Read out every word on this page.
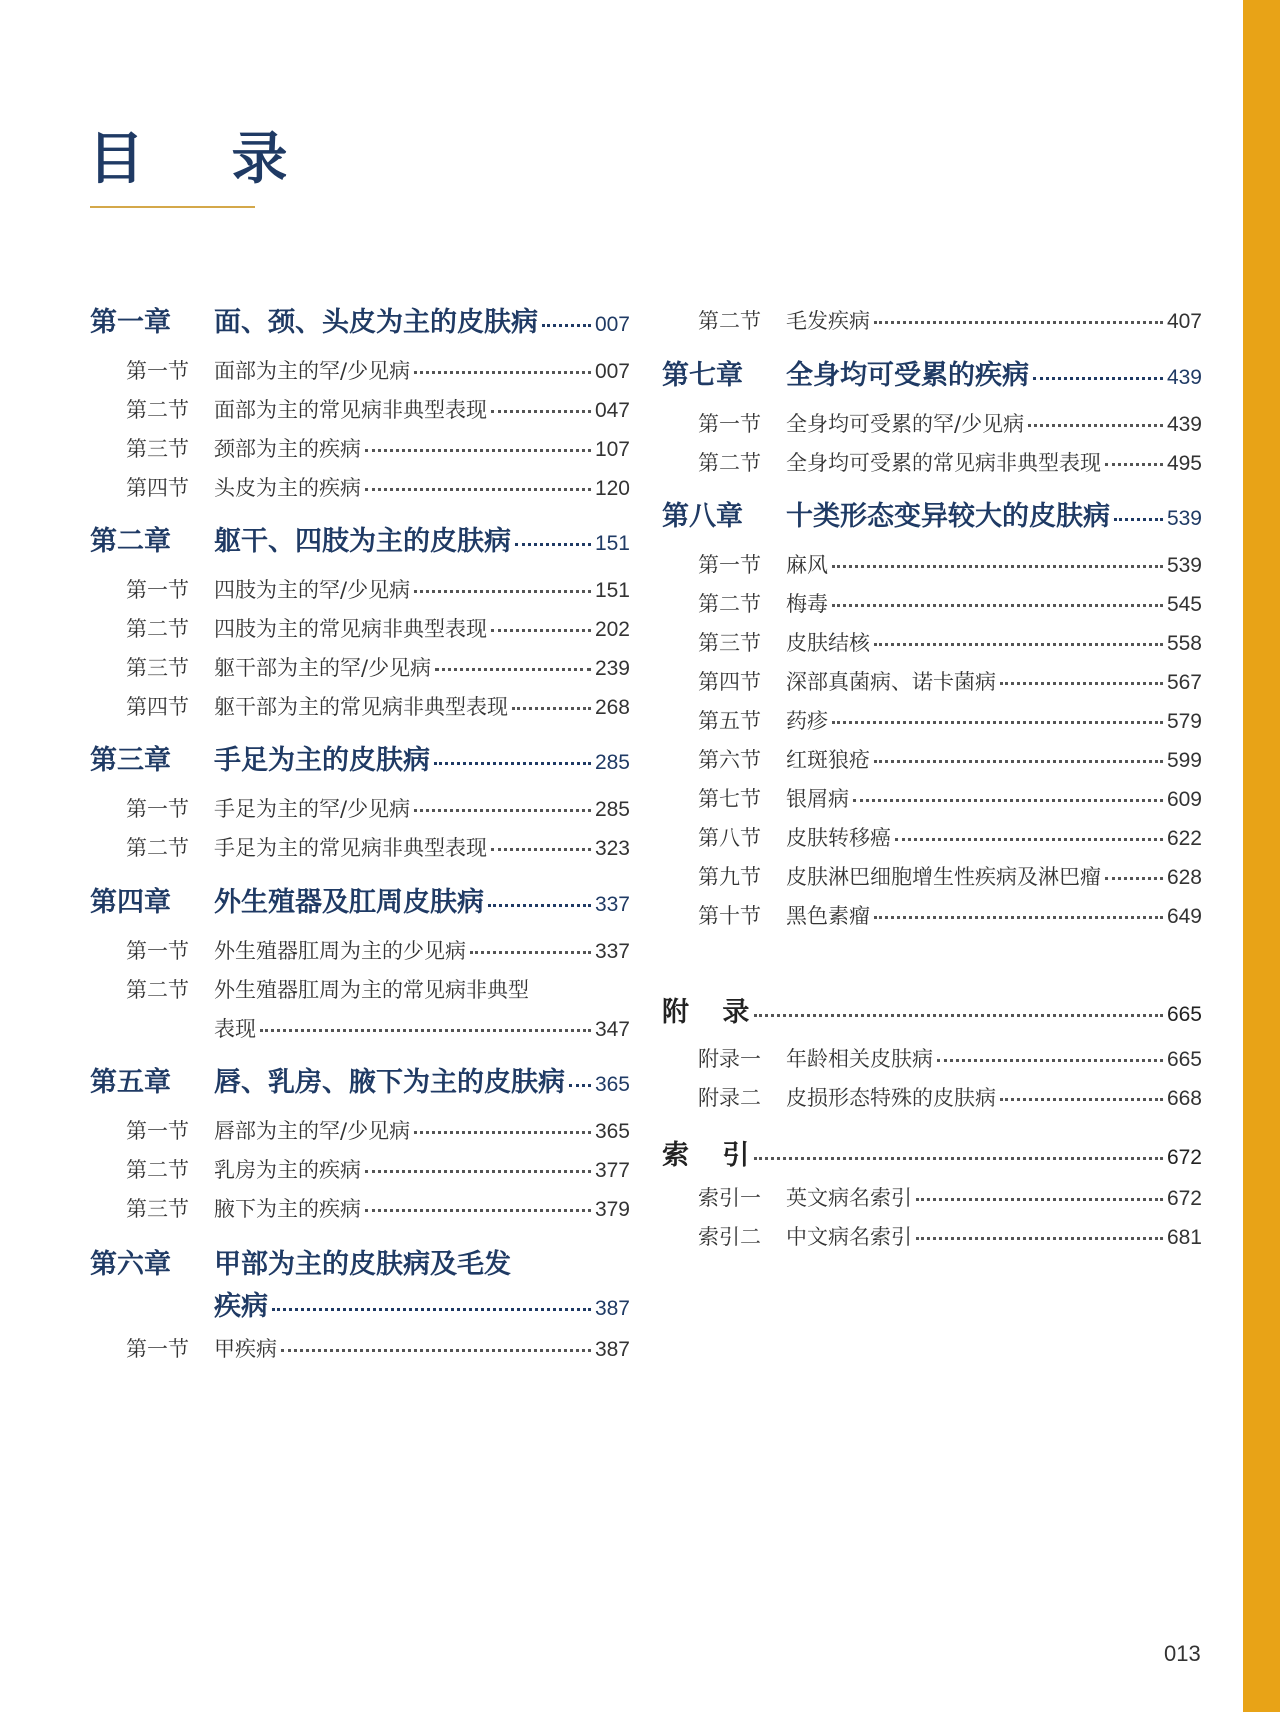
目 录
第一章	面、颈、头皮为主的皮肤病	007
第一节	面部为主的罕/少见病	007
第二节	面部为主的常见病非典型表现	047
第三节	颈部为主的疾病	107
第四节	头皮为主的疾病	120
第二章	躯干、四肢为主的皮肤病	151
第一节	四肢为主的罕/少见病	151
第二节	四肢为主的常见病非典型表现	202
第三节	躯干部为主的罕/少见病	239
第四节	躯干部为主的常见病非典型表现	268
第三章	手足为主的皮肤病	285
第一节	手足为主的罕/少见病	285
第二节	手足为主的常见病非典型表现	323
第四章	外生殖器及肛周皮肤病	337
第一节	外生殖器肛周为主的少见病	337
第二节	外生殖器肛周为主的常见病非典型
表现	347
第五章	唇、乳房、腋下为主的皮肤病 365
第一节	唇部为主的罕/少见病	365
第二节	乳房为主的疾病	377
第三节	腋下为主的疾病	379
第六章	甲部为主的皮肤病及毛发
疾病	387
第一节	甲疾病	387
第二节	毛发疾病	407
第七章	全身均可受累的疾病	439
第一节	全身均可受累的罕/少见病	439
第二节	全身均可受累的常见病非典型表现	495
第八章	十类形态变异较大的皮肤病	539
第一节	麻风	539
第二节	梅毒	545
第三节	皮肤结核	558
第四节	深部真菌病、诺卡菌病	567
第五节	药疹	579
第六节	红斑狼疮	599
第七节	银屑病	609
第八节	皮肤转移癌	622
第九节	皮肤淋巴细胞增生性疾病及淋巴瘤	628
第十节	黑色素瘤	649
附 录	665
附录一	年龄相关皮肤病	665
附录二	皮损形态特殊的皮肤病	668
索 引	672
索引一	英文病名索引	672
索引二	中文病名索引	681
013
